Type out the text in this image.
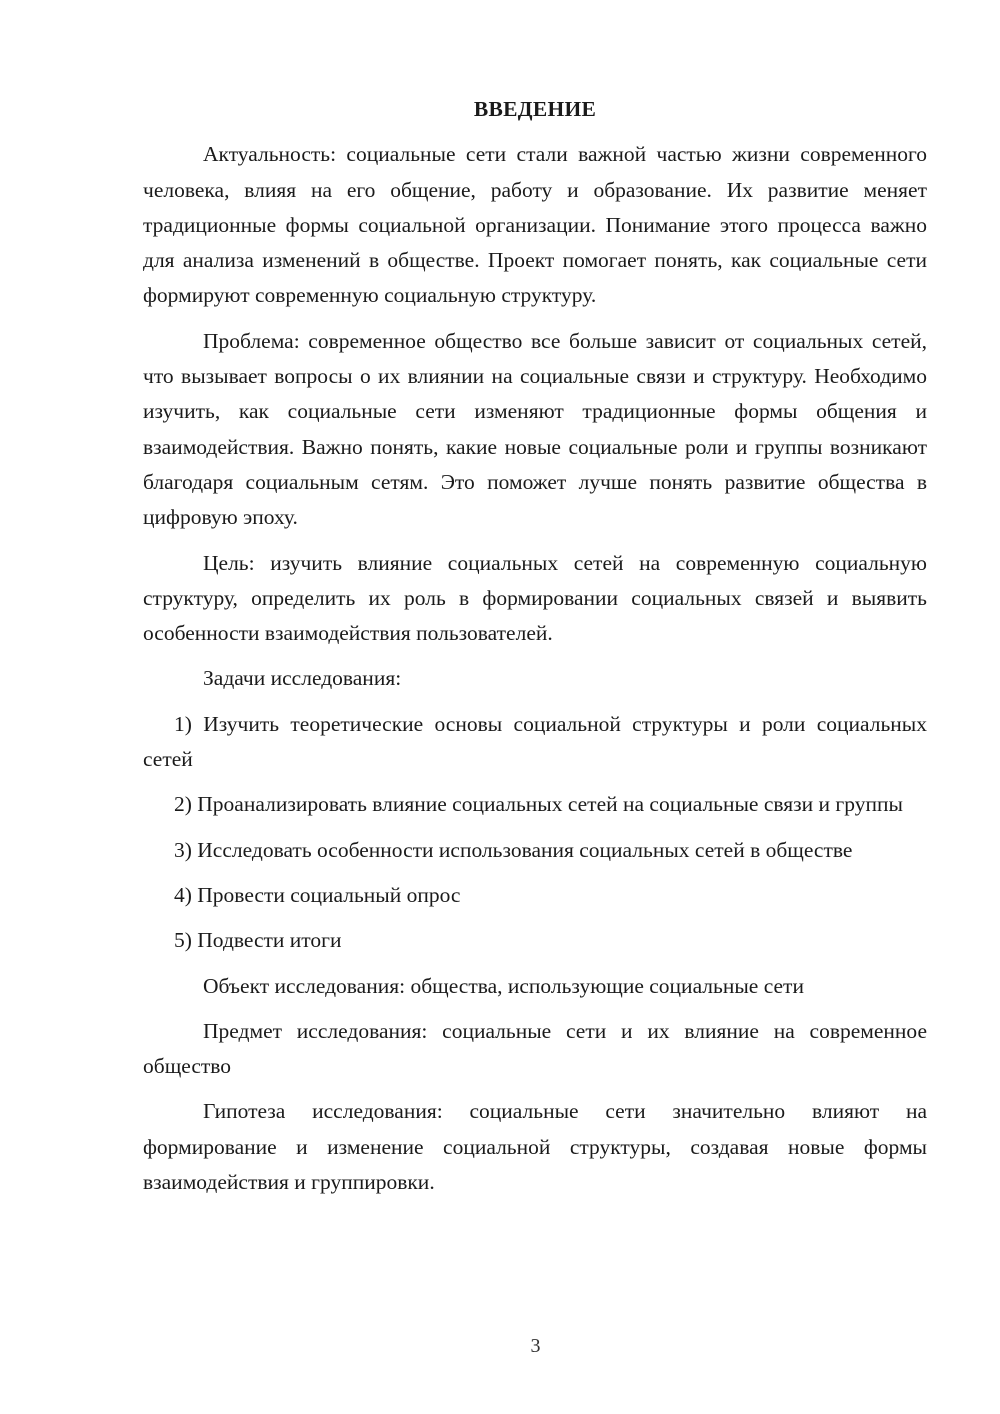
ВВЕДЕНИЕ

Актуальность: социальные сети стали важной частью жизни современного человека, влияя на его общение, работу и образование. Их развитие меняет традиционные формы социальной организации. Понимание этого процесса важно для анализа изменений в обществе. Проект помогает понять, как социальные сети формируют современную социальную структуру.

Проблема: современное общество все больше зависит от социальных сетей, что вызывает вопросы о их влиянии на социальные связи и структуру. Необходимо изучить, как социальные сети изменяют традиционные формы общения и взаимодействия. Важно понять, какие новые социальные роли и группы возникают благодаря социальным сетям. Это поможет лучше понять развитие общества в цифровую эпоху.

Цель: изучить влияние социальных сетей на современную социальную структуру, определить их роль в формировании социальных связей и выявить особенности взаимодействия пользователей.

Задачи исследования:

1) Изучить теоретические основы социальной структуры и роли социальных сетей

2) Проанализировать влияние социальных сетей на социальные связи и группы

3) Исследовать особенности использования социальных сетей в обществе

4) Провести социальный опрос

5) Подвести итоги

Объект исследования: общества, использующие социальные сети

Предмет исследования: социальные сети и их влияние на современное общество

Гипотеза исследования: социальные сети значительно влияют на формирование и изменение социальной структуры, создавая новые формы взаимодействия и группировки.

3
